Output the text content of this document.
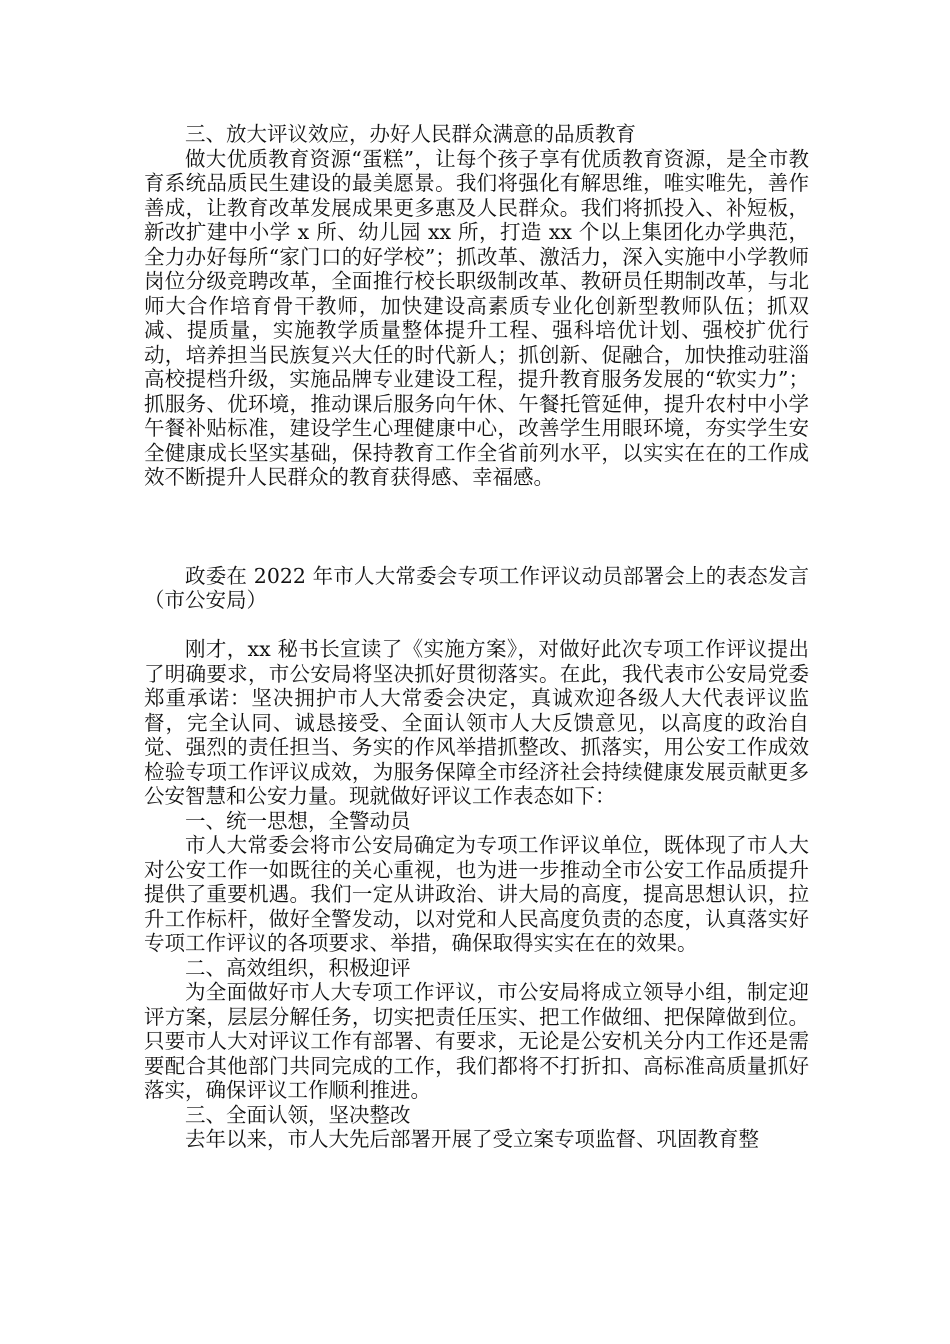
三、放大评议效应，办好人民群众满意的品质教育

做大优质教育资源“蛋糕”，让每个孩子享有优质教育资源，是全市教育系统品质民生建设的最美愿景。我们将强化有解思维，唯实唯先，善作善成，让教育改革发展成果更多惠及人民群众。我们将抓投入、补短板，新改扩建中小学 x 所、幼儿园 xx 所，打造 xx 个以上集团化办学典范，全力办好每所“家门口的好学校”；抓改革、激活力，深入实施中小学教师岗位分级竞聘改革，全面推行校长职级制改革、教研员任期制改革，与北师大合作培育骨干教师，加快建设高素质专业化创新型教师队伍；抓双减、提质量，实施教学质量整体提升工程、强科培优计划、强校扩优行动，培养担当民族复兴大任的时代新人；抓创新、促融合，加快推动驻淄高校提档升级，实施品牌专业建设工程，提升教育服务发展的“软实力”；抓服务、优环境，推动课后服务向午休、午餐托管延伸，提升农村中小学午餐补贴标准，建设学生心理健康中心，改善学生用眼环境，夯实学生安全健康成长坚实基础，保持教育工作全省前列水平，以实实在在的工作成效不断提升人民群众的教育获得感、幸福感。

政委在 2022 年市人大常委会专项工作评议动员部署会上的表态发言（市公安局）

刚才，xx 秘书长宣读了《实施方案》，对做好此次专项工作评议提出了明确要求，市公安局将坚决抓好贯彻落实。在此，我代表市公安局党委郑重承诺：坚决拥护市人大常委会决定，真诚欢迎各级人大代表评议监督，完全认同、诚恳接受、全面认领市人大反馈意见，以高度的政治自觉、强烈的责任担当、务实的作风举措抓整改、抓落实，用公安工作成效检验专项工作评议成效，为服务保障全市经济社会持续健康发展贡献更多公安智慧和公安力量。现就做好评议工作表态如下：

一、统一思想，全警动员

市人大常委会将市公安局确定为专项工作评议单位，既体现了市人大对公安工作一如既往的关心重视，也为进一步推动全市公安工作品质提升提供了重要机遇。我们一定从讲政治、讲大局的高度，提高思想认识，拉升工作标杆，做好全警发动，以对党和人民高度负责的态度，认真落实好专项工作评议的各项要求、举措，确保取得实实在在的效果。

二、高效组织，积极迎评

为全面做好市人大专项工作评议，市公安局将成立领导小组，制定迎评方案，层层分解任务，切实把责任压实、把工作做细、把保障做到位。只要市人大对评议工作有部署、有要求，无论是公安机关分内工作还是需要配合其他部门共同完成的工作，我们都将不打折扣、高标准高质量抓好落实，确保评议工作顺利推进。

三、全面认领，坚决整改

去年以来，市人大先后部署开展了受立案专项监督、巩固教育整
